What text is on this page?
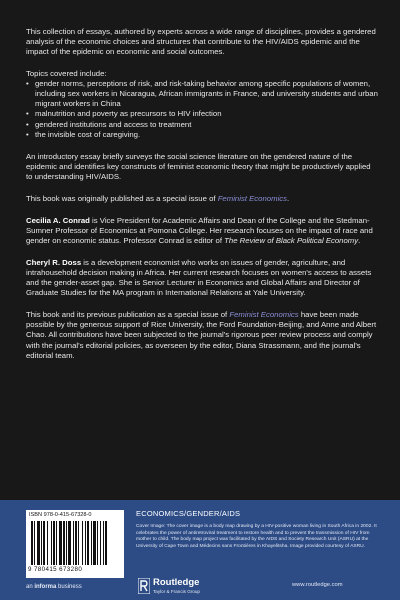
This collection of essays, authored by experts across a wide range of disciplines, provides a gendered analysis of the economic choices and structures that contribute to the HIV/AIDS epidemic and the impact of the epidemic on economic and social outcomes.

Topics covered include:

• gender norms, perceptions of risk, and risk-taking behavior among specific populations of women, including sex workers in Nicaragua, African immigrants in France, and university students and urban migrant workers in China
• malnutrition and poverty as precursors to HIV infection
• gendered institutions and access to treatment
• the invisible cost of caregiving.

An introductory essay briefly surveys the social science literature on the gendered nature of the epidemic and identifies key constructs of feminist economic theory that might be productively applied to understanding HIV/AIDS.

This book was originally published as a special issue of Feminist Economics.

Cecilia A. Conrad is Vice President for Academic Affairs and Dean of the College and the Stedman-Sumner Professor of Economics at Pomona College. Her research focuses on the impact of race and gender on economic status. Professor Conrad is editor of The Review of Black Political Economy.

Cheryl R. Doss is a development economist who works on issues of gender, agriculture, and intrahousehold decision making in Africa. Her current research focuses on women's access to assets and the gender-asset gap. She is Senior Lecturer in Economics and Global Affairs and Director of Graduate Studies for the MA program in International Relations at Yale University.

This book and its previous publication as a special issue of Feminist Economics have been made possible by the generous support of Rice University, the Ford Foundation-Beijing, and Anne and Albert Chao. All contributions have been subjected to the journal's rigorous peer review process and comply with the journal's editorial policies, as overseen by the editor, Diana Strassmann, and the journal's editorial team.

ISBN 978-0-415-67328-0
9 780415 673280
an informa business
ECONOMICS/GENDER/AIDS
Cover Image: The cover image is a body map drawing by a HIV-positive woman living in South Africa in 2002. It celebrates the power of antiretroviral treatment to restore health and to prevent the transmission of HIV from mother to child. The body map project was facilitated by the AIDS and Society Research Unit (ASRU) at the University of Cape Town and Médecins sans Frontières in Khayelitsha. Image provided courtesy of ASRU.
Routledge
Taylor & Francis Group
www.routledge.com
